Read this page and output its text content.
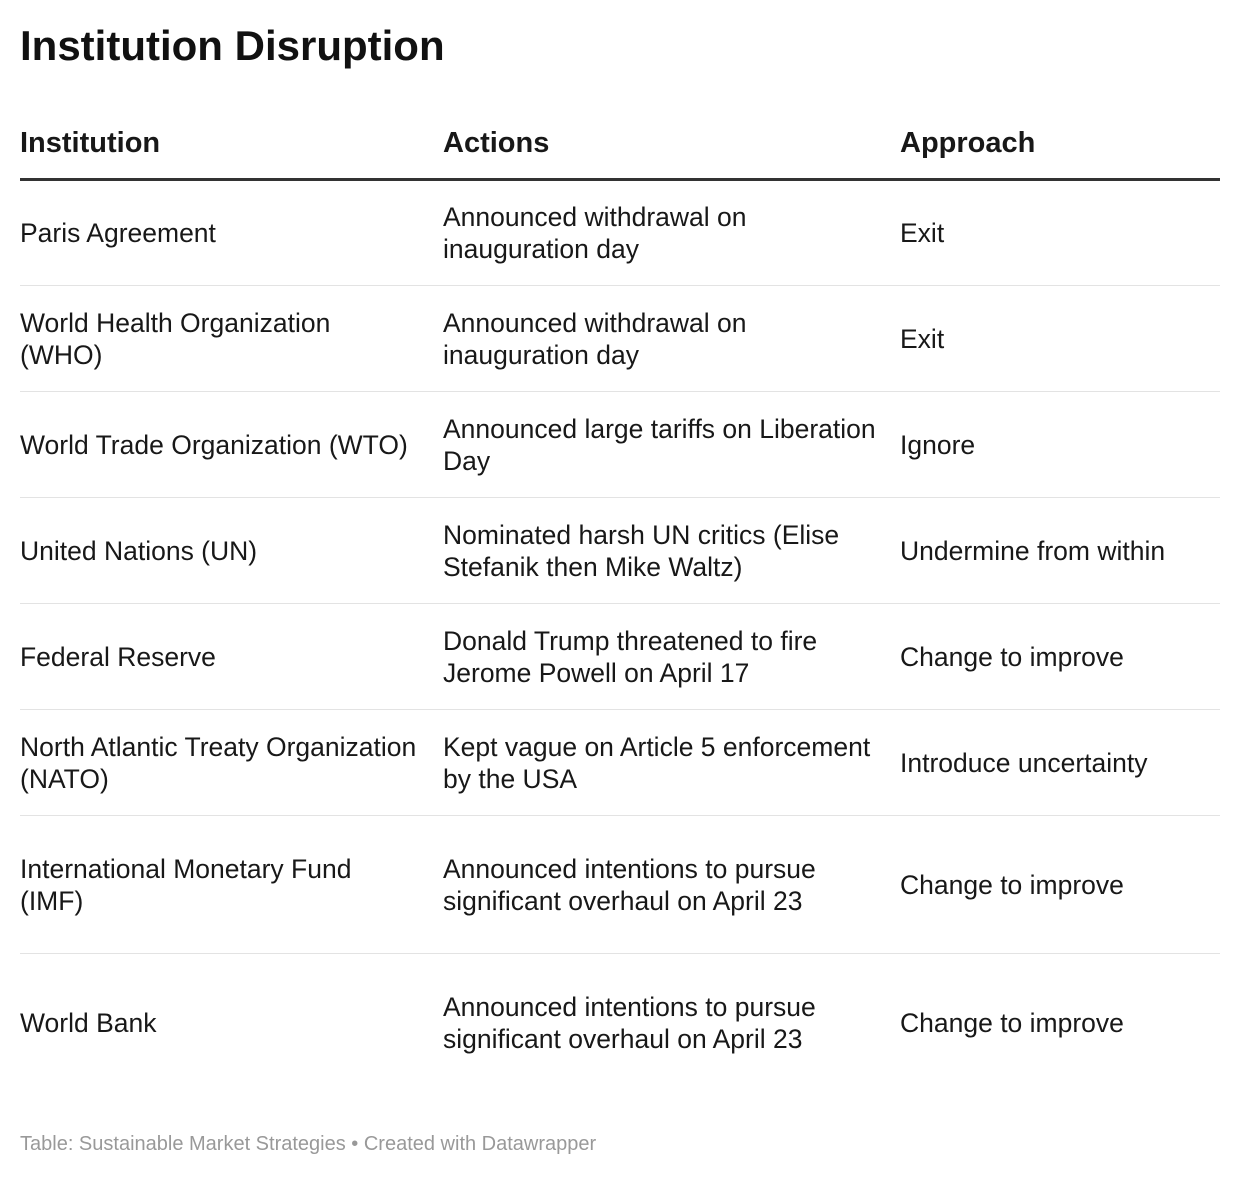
Institution Disruption
Institution	Actions	Approach

Paris Agreement	Announced withdrawal on inauguration day	Exit

World Health Organization (WHO)	Announced withdrawal on inauguration day	Exit

World Trade Organization (WTO)	Announced large tariffs on Liberation Day	Ignore

United Nations (UN)	Nominated harsh UN critics (Elise Stefanik then Mike Waltz)	Undermine from within

Federal Reserve	Donald Trump threatened to fire Jerome Powell on April 17	Change to improve

North Atlantic Treaty Organization (NATO)	Kept vague on Article 5 enforcement by the USA	Introduce uncertainty

International Monetary Fund (IMF)	Announced intentions to pursue significant overhaul on April 23	Change to improve

World Bank	Announced intentions to pursue significant overhaul on April 23	Change to improve
Table: Sustainable Market Strategies • Created with Datawrapper
